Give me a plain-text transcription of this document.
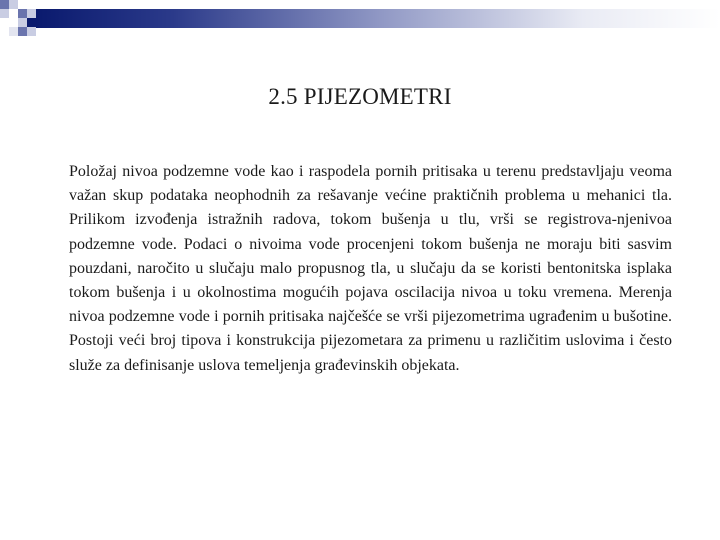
2.5 PIJEZOMETRI

Položaj nivoa podzemne vode kao i raspodela pornih pritisaka u terenu predstavljaju veoma važan skup podataka neophodnih za rešavanje većine praktičnih problema u mehanici tla. Prilikom izvođenja istražnih radova, tokom bušenja u tlu, vrši se registrova-njenivoa podzemne vode. Podaci o nivoima vode procenjeni tokom bušenja ne moraju biti sasvim pouzdani, naročito u slučaju malo propusnog tla, u slučaju da se koristi bentonitska isplaka tokom bušenja i u okolnostima mogućih pojava oscilacija nivoa u toku vremena. Merenja nivoa podzemne vode i pornih pritisaka najčešće se vrši pijezometrima ugrađenim u bušotine. Postoji veći broj tipova i konstrukcija pijezometara za primenu u različitim uslovima i često služe za definisanje uslova temeljenja građevinskih objekata.
